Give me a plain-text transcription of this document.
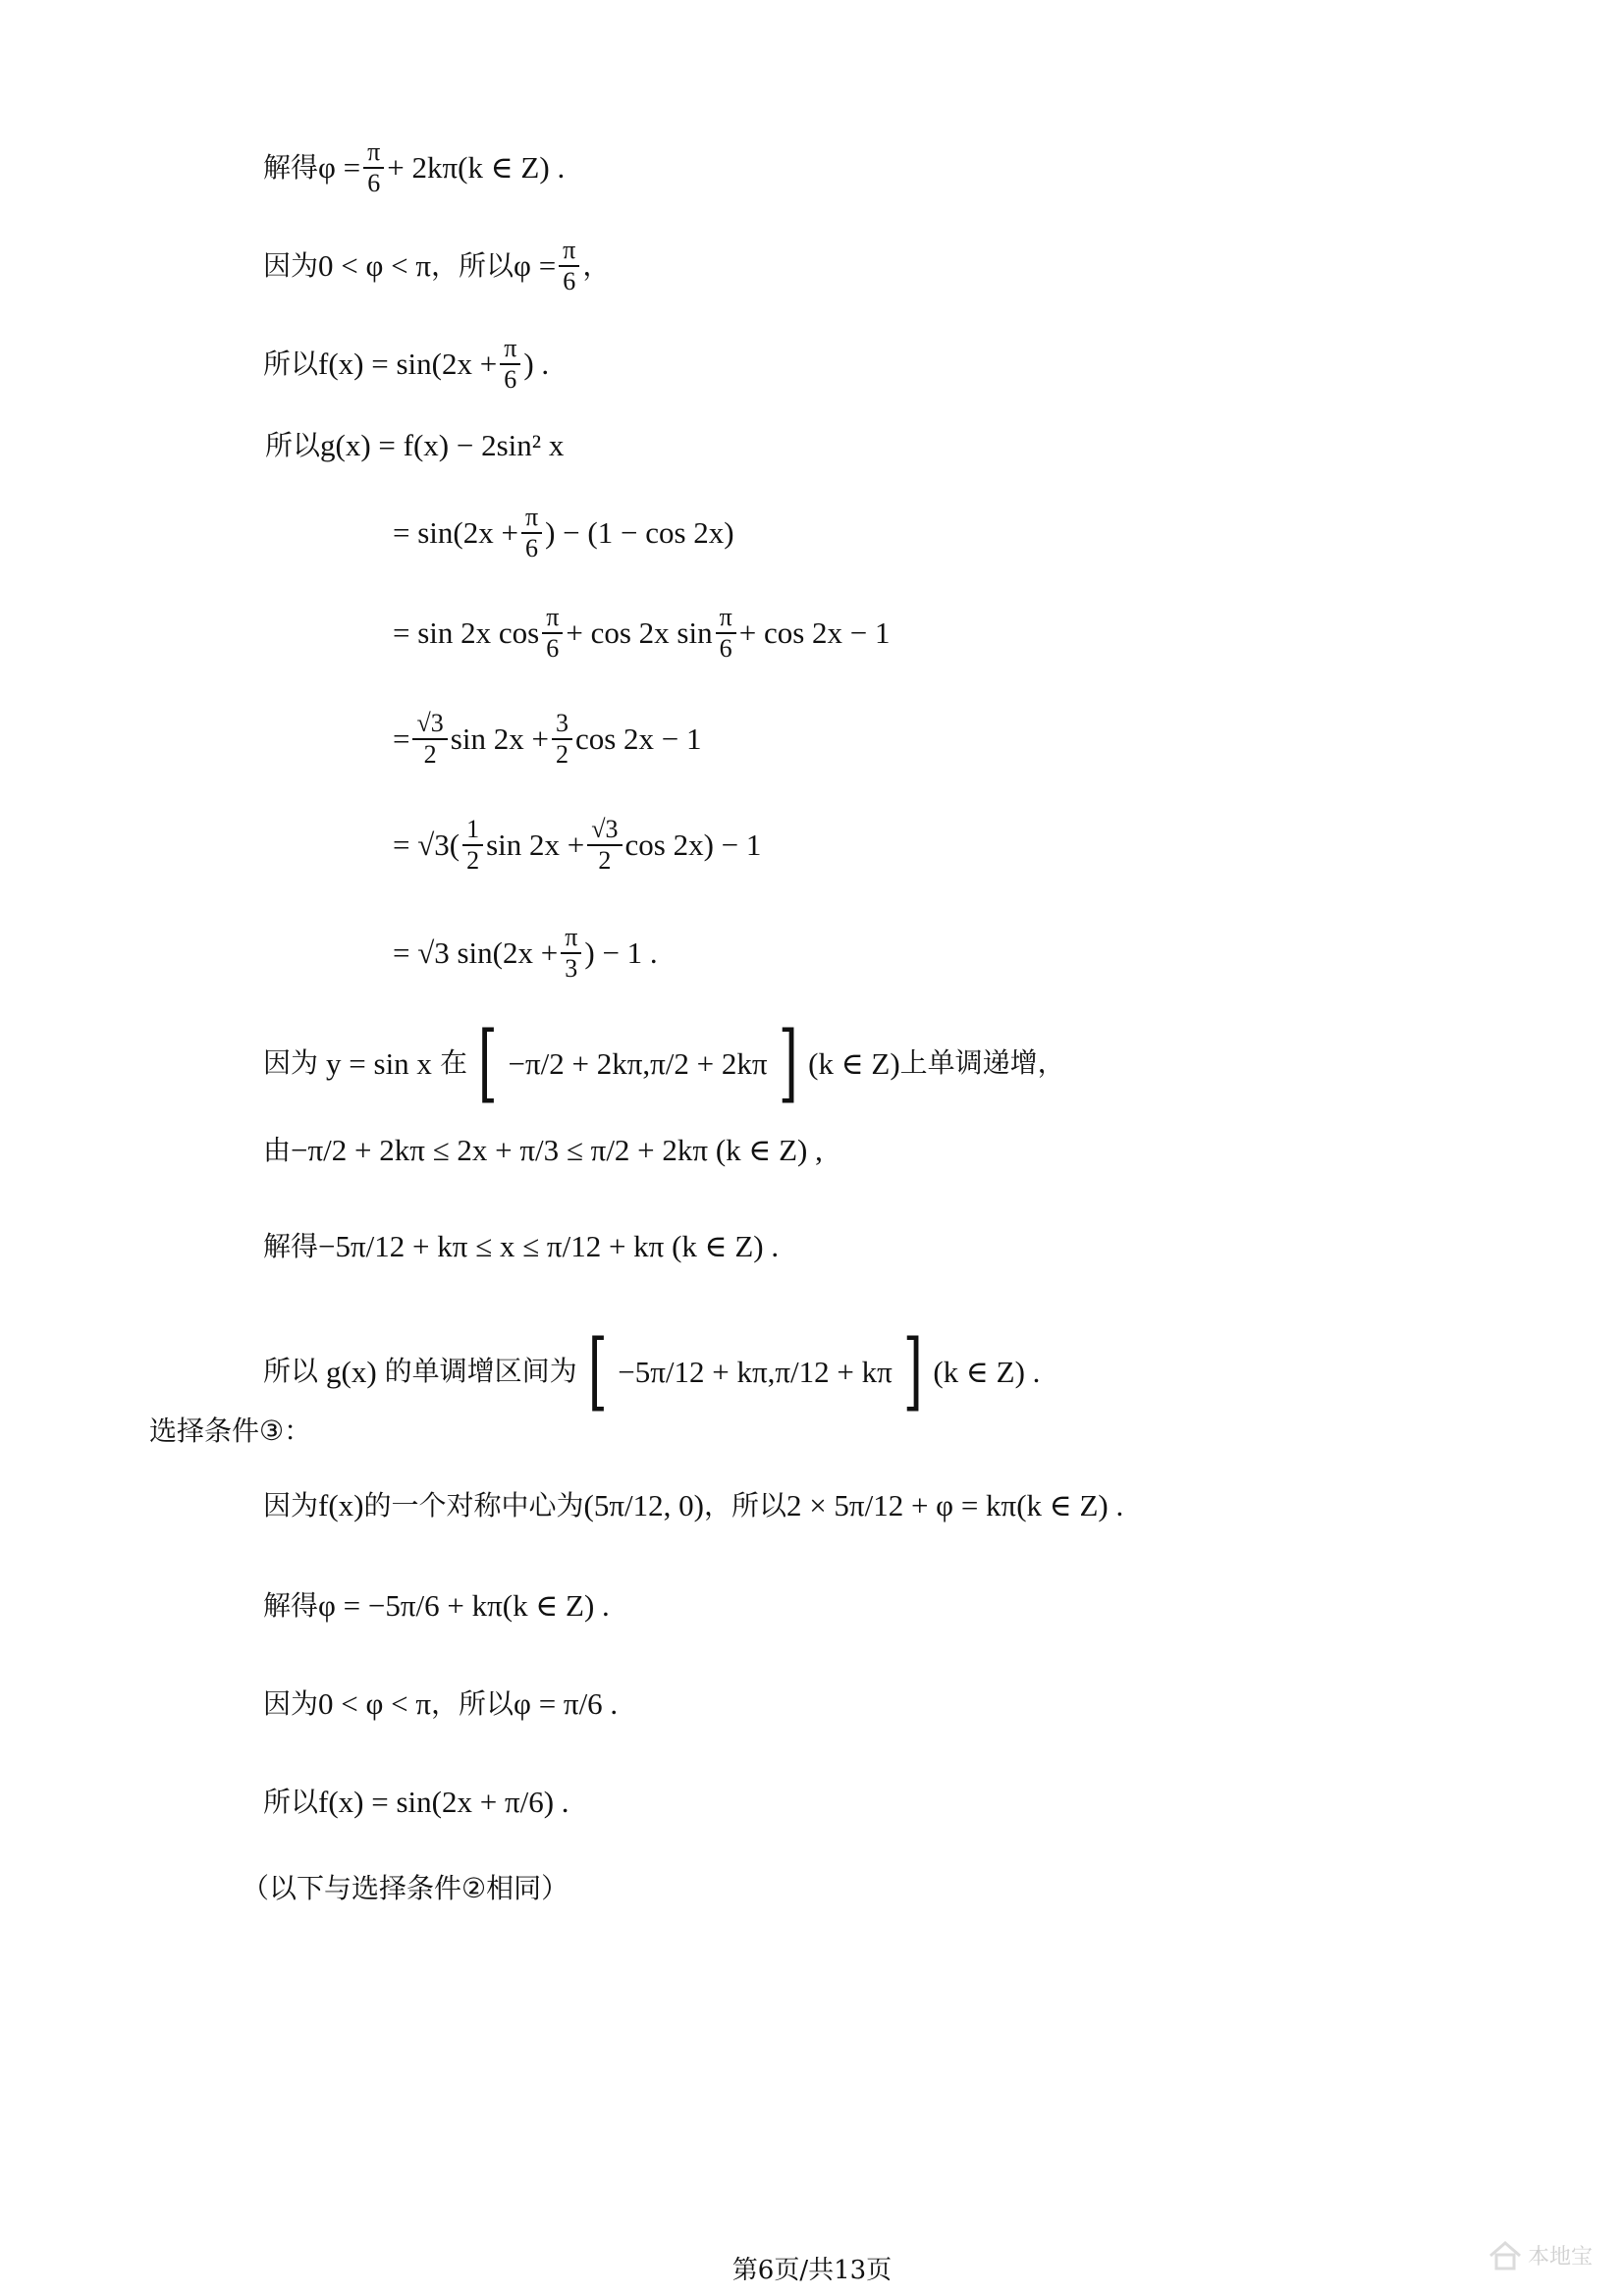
解得 $\varphi = \frac{\pi}{6} + 2k\pi(k$ ∈ Z) .
因为 0 < φ < π ，所以 $\varphi = \frac{\pi}{6}$ ，
所以 $f(x) = \sin(2x + \frac{\pi}{6}$ ) .
所以 g(x) = f(x) − 2sin² x
= $\sin(2x + \frac{\pi}{6}$ ) − (1 − cos 2x)
= sin 2x $\cos \frac{\pi}{6} + \cos 2x$ $\sin \frac{\pi}{6} + \cos 2x - 1$
= $\frac{√3}{2}$ $\sin 2x + \frac{3}{2}$ cos 2x − 1
= $√3( \frac{1}{2}$ $\sin 2x + \frac{√3}{2}$ cos 2x) − 1
= √3 $\sin(2x + \frac{\pi}{3}$ ) − 1 .
因为 y = sin x 在 [ −π/2 + 2kπ , π/2 + 2kπ ] (k ∈ Z) 上单调递增，
由 −π/2 + 2kπ ≤ 2x + π/3 ≤ π/2 + 2kπ (k ∈ Z) ,
解得 −5π/12 + kπ ≤ x ≤ π/12 + kπ (k ∈ Z) .
所以 g(x) 的单调增区间为 [ −5π/12 + kπ , π/12 + kπ ] (k ∈ Z) .
选择条件③：
因为 f(x) 的一个对称中心为 (5π/12, 0) ，所以 2 × 5π/12 + φ = kπ(k ∈ Z) .
解得 φ = −5π/6 + kπ(k ∈ Z) .
因为 0 < φ < π ，所以 φ = π/6 .
所以 f(x) = sin(2x + π/6) .
（以下与选择条件②相同）
第6页/共13页	本地宝
